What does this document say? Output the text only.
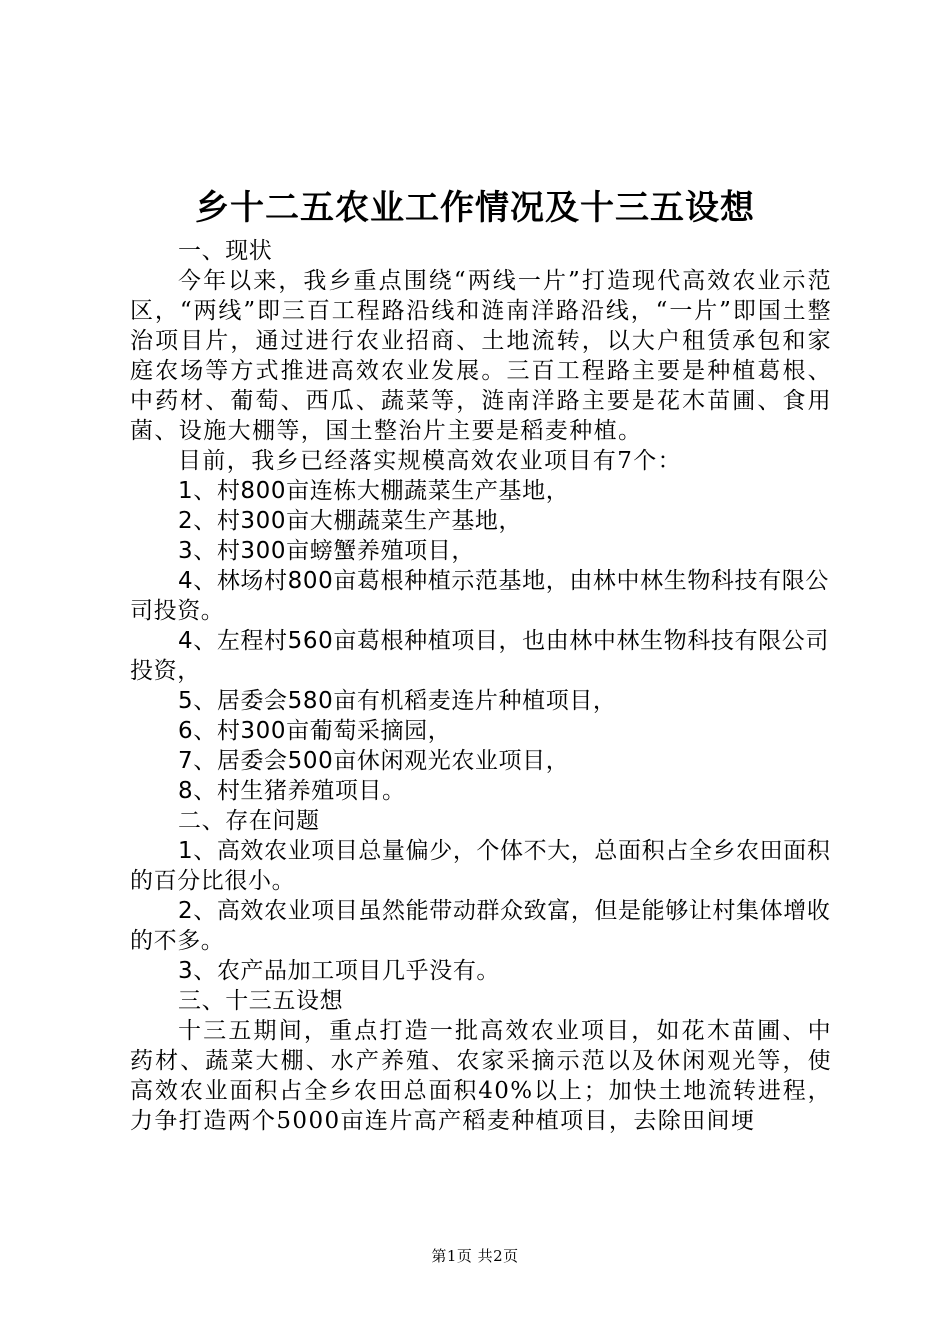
乡十二五农业工作情况及十三五设想

一、现状

今年以来，我乡重点围绕“两线一片”打造现代高效农业示范区，“两线”即三百工程路沿线和涟南洋路沿线，“一片”即国土整治项目片，通过进行农业招商、土地流转，以大户租赁承包和家庭农场等方式推进高效农业发展。三百工程路主要是种植葛根、中药材、葡萄、西瓜、蔬菜等，涟南洋路主要是花木苗圃、食用菌、设施大棚等，国土整治片主要是稻麦种植。

目前，我乡已经落实规模高效农业项目有7个：

1、村800亩连栋大棚蔬菜生产基地，

2、村300亩大棚蔬菜生产基地，

3、村300亩螃蟹养殖项目，

4、林场村800亩葛根种植示范基地，由林中林生物科技有限公司投资。

4、左程村560亩葛根种植项目，也由林中林生物科技有限公司投资，

5、居委会580亩有机稻麦连片种植项目，

6、村300亩葡萄采摘园，

7、居委会500亩休闲观光农业项目，

8、村生猪养殖项目。

二、存在问题

1、高效农业项目总量偏少，个体不大，总面积占全乡农田面积的百分比很小。

2、高效农业项目虽然能带动群众致富，但是能够让村集体增收的不多。

3、农产品加工项目几乎没有。

三、十三五设想

十三五期间，重点打造一批高效农业项目，如花木苗圃、中药材、蔬菜大棚、水产养殖、农家采摘示范以及休闲观光等，使高效农业面积占全乡农田总面积40%以上；加快土地流转进程，力争打造两个5000亩连片高产稻麦种植项目，去除田间埂

第1页 共2页
